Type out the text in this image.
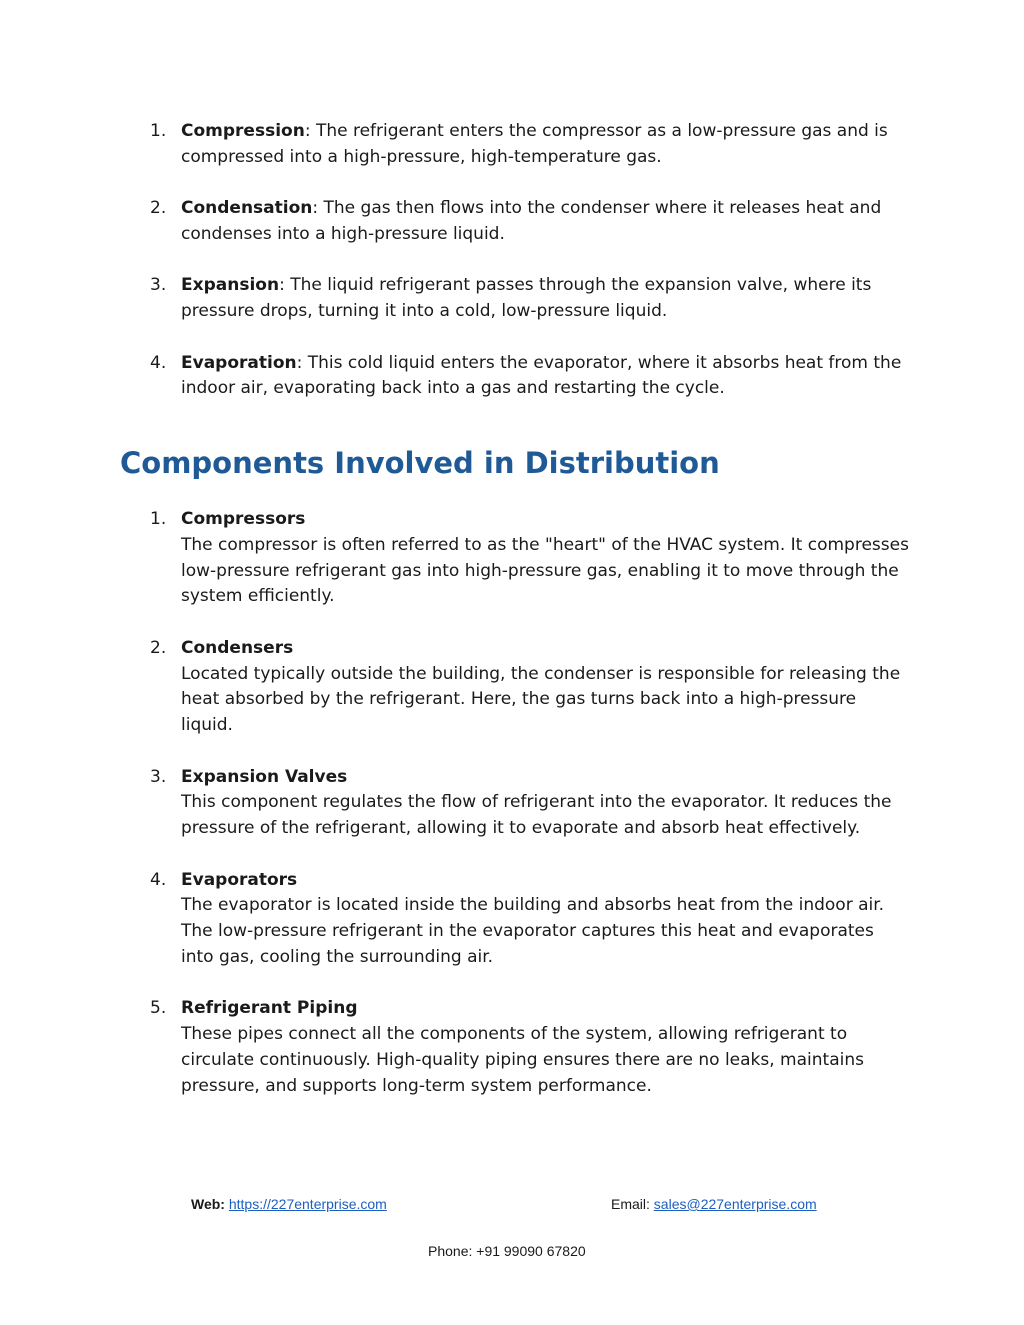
1. Compression: The refrigerant enters the compressor as a low-pressure gas and is compressed into a high-pressure, high-temperature gas.
2. Condensation: The gas then flows into the condenser where it releases heat and condenses into a high-pressure liquid.
3. Expansion: The liquid refrigerant passes through the expansion valve, where its pressure drops, turning it into a cold, low-pressure liquid.
4. Evaporation: This cold liquid enters the evaporator, where it absorbs heat from the indoor air, evaporating back into a gas and restarting the cycle.
Components Involved in Distribution
1. Compressors
The compressor is often referred to as the "heart" of the HVAC system. It compresses low-pressure refrigerant gas into high-pressure gas, enabling it to move through the system efficiently.
2. Condensers
Located typically outside the building, the condenser is responsible for releasing the heat absorbed by the refrigerant. Here, the gas turns back into a high-pressure liquid.
3. Expansion Valves
This component regulates the flow of refrigerant into the evaporator. It reduces the pressure of the refrigerant, allowing it to evaporate and absorb heat effectively.
4. Evaporators
The evaporator is located inside the building and absorbs heat from the indoor air. The low-pressure refrigerant in the evaporator captures this heat and evaporates into gas, cooling the surrounding air.
5. Refrigerant Piping
These pipes connect all the components of the system, allowing refrigerant to circulate continuously. High-quality piping ensures there are no leaks, maintains pressure, and supports long-term system performance.
Web: https://227enterprise.com	Email: sales@227enterprise.com
Phone: +91 99090 67820
